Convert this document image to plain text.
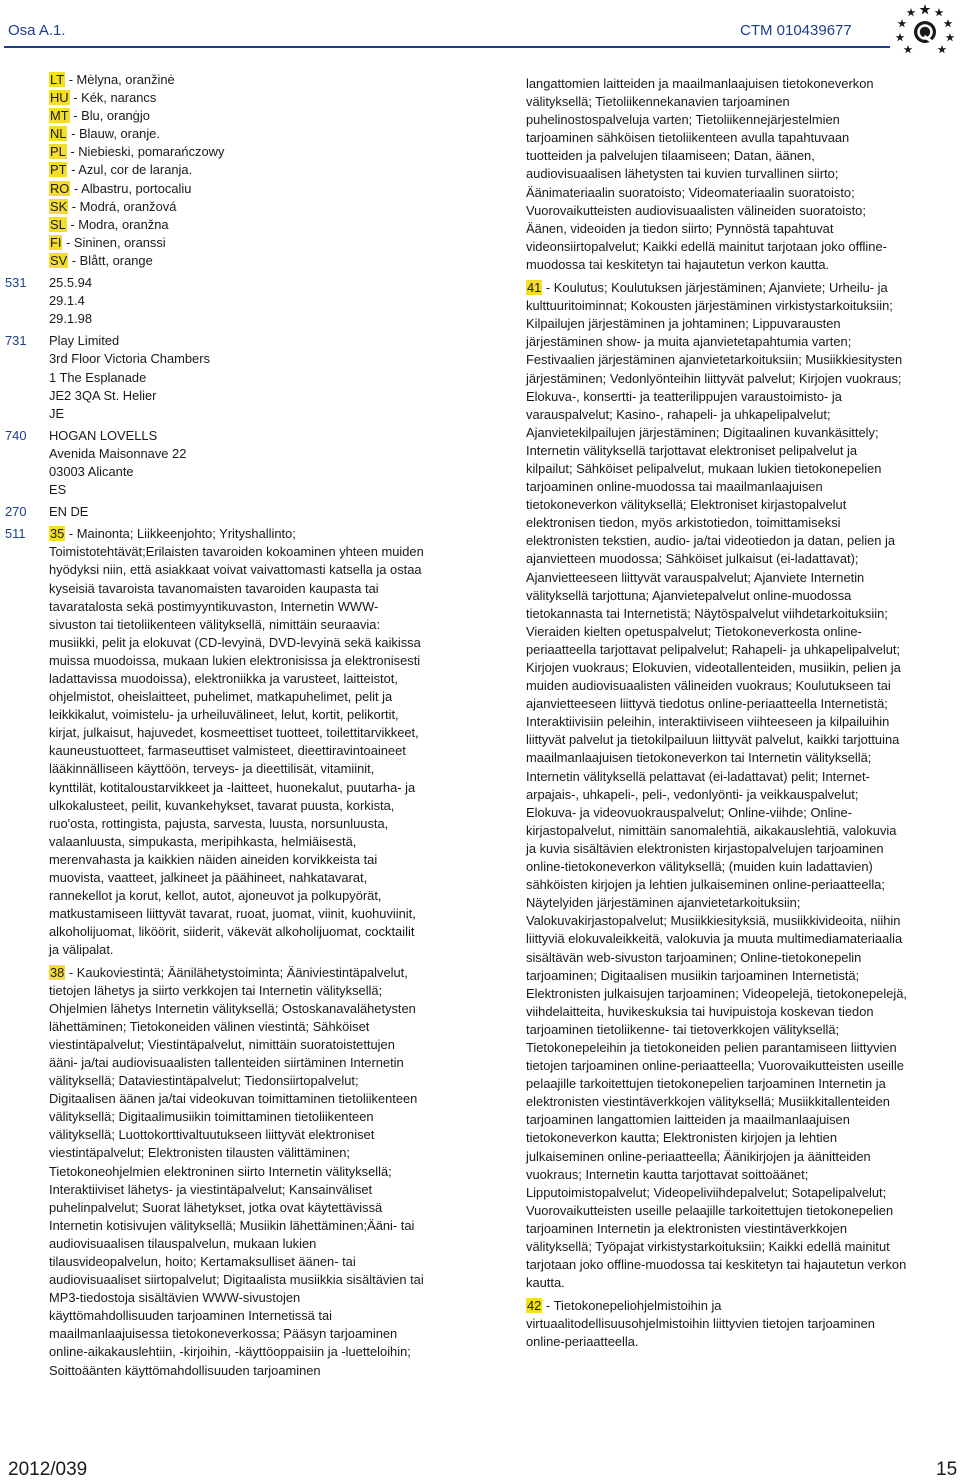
Osa A.1.	CTM 010439677
LT - Mėlyna, oranžinė
HU - Kék, narancs
MT - Blu, oranġjo
NL - Blauw, oranje.
PL - Niebieski, pomarańczowy
PT - Azul, cor de laranja.
RO - Albastru, portocaliu
SK - Modrá, oranžová
SL - Modra, oranžna
FI - Sininen, oranssi
SV - Blått, orange
531	25.5.94
29.1.4
29.1.98
731	Play Limited
3rd Floor Victoria Chambers
1 The Esplanade
JE2 3QA St. Helier
JE
740	HOGAN LOVELLS
Avenida Maisonnave 22
03003 Alicante
ES
270	EN DE
511	35 - Mainonta; Liikkeenjohto; Yrityshallinto; Toimistotehtävät;Erilaisten tavaroiden kokoaminen yhteen muiden hyödyksi niin, että asiakkaat voivat vaivattomasti katsella ja ostaa kyseisiä tavaroista tavanomaisten tavaroiden kaupasta tai tavaratalosta sekä postimyyntikuvaston, Internetin WWW-sivuston tai tietoliikenteen välityksellä, nimittäin seuraavia: musiikki, pelit ja elokuvat (CD-levyinä, DVD-levyinä sekä kaikissa muissa muodoissa, mukaan lukien elektronisissa ja elektronisesti ladattavissa muodoissa), elektroniikka ja varusteet, laitteistot, ohjelmistot, oheislaitteet, puhelimet, matkapuhelimet, pelit ja leikkikalut, voimistelu- ja urheiluvälineet, lelut, kortit, pelikortit, kirjat, julkaisut, hajuvedet, kosmeettiset tuotteet, toilettitarvikkeet, kauneustuotteet, farmaseuttiset valmisteet, dieettiravintoaineet lääkinnälliseen käyttöön, terveys- ja dieettilisät, vitamiinit, kynttilät, kotitaloustarvikkeet ja -laitteet, huonekalut, puutarha- ja ulkokalusteet, peilit, kuvankehykset, tavarat puusta, korkista, ruo'osta, rottingista, pajusta, sarvesta, luusta, norsunluusta, valaanluusta, simpukasta, meripihkasta, helmiäisestä, merenvahasta ja kaikkien näiden aineiden korvikkeista tai muovista, vaatteet, jalkineet ja päähineet, nahkatavarat, rannekellot ja korut, kellot, autot, ajoneuvot ja polkupyörät, matkustamiseen liittyvät tavarat, ruoat, juomat, viinit, kuohuviinit, alkoholijuomat, liköörit, siiderit, väkevät alkoholijuomat, cocktailit ja välipalat.

38 - Kaukoviestintä; Äänilähetystoiminta; Ääniviestintäpalvelut, tietojen lähetys ja siirto verkkojen tai Internetin välityksellä; Ohjelmien lähetys Internetin välityksellä; Ostoskanavalähetysten lähettäminen; Tietokoneiden välinen viestintä; Sähköiset viestintäpalvelut; Viestintäpalvelut, nimittäin suoratoistettujen ääni- ja/tai audiovisuaalisten tallenteiden siirtäminen Internetin välityksellä; Dataviestintäpalvelut; Tiedonsiirtopalvelut; Digitaalisen äänen ja/tai videokuvan toimittaminen tietoliikenteen välityksellä; Digitaalimusiikin toimittaminen tietoliikenteen välityksellä; Luottokorttivaltuutukseen liittyvät elektroniset viestintäpalvelut; Elektronisten tilausten välittäminen; Tietokoneohjelmien elektroninen siirto Internetin välityksellä; Interaktiiviset lähetys- ja viestintäpalvelut; Kansainväliset puhelinpalvelut; Suorat lähetykset, jotka ovat käytettävissä Internetin kotisivujen välityksellä; Musiikin lähettäminen;Ääni- tai audiovisuaalisen tilauspalvelun, mukaan lukien tilausvideopalvelun, hoito; Kertamaksulliset äänen- tai audiovisuaaliset siirtopalvelut; Digitaalista musiikkia sisältävien tai MP3-tiedostoja sisältävien WWW-sivustojen käyttömahdollisuuden tarjoaminen Internetissä tai maailmanlaajuisessa tietokoneverkossa; Pääsyn tarjoaminen online-aikakauslehtiin, -kirjoihin, -käyttöoppaisiin ja -luetteloihin; Soittoäänten käyttömahdollisuuden tarjoaminen

langattomien laitteiden ja maailmanlaajuisen tietokoneverkon välityksellä; Tietoliikennekanavien tarjoaminen puhelinostospalveluja varten; Tietoliikennejärjestelmien tarjoaminen sähköisen tietoliikenteen avulla tapahtuvaan tuotteiden ja palvelujen tilaamiseen; Datan, äänen, audiovisuaalisen lähetysten tai kuvien turvallinen siirto; Äänimateriaalin suoratoisto; Videomateriaalin suoratoisto; Vuorovaikutteisten audiovisuaalisten välineiden suoratoisto; Äänen, videoiden ja tiedon siirto; Pynnöstä tapahtuvat videonsiirtopalvelut; Kaikki edellä mainitut tarjotaan joko offline-muodossa tai keskitetyn tai hajautetun verkon kautta.

41 - Koulutus; Koulutuksen järjestäminen; Ajanviete; Urheilu- ja kulttuuritoiminnat; Kokousten järjestäminen virkistystarkoituksiin; Kilpailujen järjestäminen ja johtaminen; Lippuvarausten järjestäminen show- ja muita ajanvietetapahtumia varten; Festivaalien järjestäminen ajanvietetarkoituksiin; Musiikkiesitysten järjestäminen; Vedonlyönteihin liittyvät palvelut; Kirjojen vuokraus; Elokuva-, konsertti- ja teatterilippujen varaustoimisto- ja varauspalvelut; Kasino-, rahapeli- ja uhkapelipalvelut; Ajanvietekilpailujen järjestäminen; Digitaalinen kuvankäsittely; Internetin välityksellä tarjottavat elektroniset pelipalvelut ja kilpailut; Sähköiset pelipalvelut, mukaan lukien tietokonepelien tarjoaminen online-muodossa tai maailmanlaajuisen tietokoneverkon välityksellä; Elektroniset kirjastopalvelut elektronisen tiedon, myös arkistotiedon, toimittamiseksi elektronisten tekstien, audio- ja/tai videotiedon ja datan, pelien ja ajanvietteen muodossa; Sähköiset julkaisut (ei-ladattavat); Ajanvietteeseen liittyvät varauspalvelut; Ajanviete Internetin välityksellä tarjottuna; Ajanvietepalvelut online-muodossa tietokannasta tai Internetistä; Näytöspalvelut viihdetarkoituksiin; Vieraiden kielten opetuspalvelut; Tietokoneverkosta online-periaatteella tarjottavat pelipalvelut; Rahapeli- ja uhkapelipalvelut; Kirjojen vuokraus; Elokuvien, videotallenteiden, musiikin, pelien ja muiden audiovisuaalisten välineiden vuokraus; Koulutukseen tai ajanvietteeseen liittyvä tiedotus online-periaatteella Internetistä; Interaktiivisiin peleihin, interaktiiviseen viihteeseen ja kilpailuihin liittyvät palvelut ja tietokilpailuun liittyvät palvelut, kaikki tarjottuina maailmanlaajuisen tietokoneverkon tai Internetin välityksellä; Internetin välityksellä pelattavat (ei-ladattavat) pelit; Internet-arpajais-, uhkapeli-, peli-, vedonlyönti- ja veikkauspalvelut; Elokuva- ja videovuokrauspalvelut; Online-viihde; Online-kirjastopalvelut, nimittäin sanomalehtiä, aikakauslehtiä, valokuvia ja kuvia sisältävien elektronisten kirjastopalvelujen tarjoaminen online-tietokoneverkon välityksellä; (muiden kuin ladattavien) sähköisten kirjojen ja lehtien julkaiseminen online-periaatteella; Näytelyiden järjestäminen ajanvietetarkoituksiin; Valokuvakirjastopalvelut; Musiikkiesityksiä, musiikkivideoita, niihin liittyviä elokuvaleikkeitä, valokuvia ja muuta multimediamateriaalia sisältävän web-sivuston tarjoaminen; Online-tietokonepelin tarjoaminen; Digitaalisen musiikin tarjoaminen Internetistä; Elektronisten julkaisujen tarjoaminen; Videopelejä, tietokonepelejä, viihdelaitteita, huvikeskuksia tai huvipuistoja koskevan tiedon tarjoaminen tietoliikenne- tai tietoverkkojen välityksellä; Tietokonepeleihin ja tietokoneiden pelien parantamiseen liittyvien tietojen tarjoaminen online-periaatteella; Vuorovaikutteisten useille pelaajille tarkoitettujen tietokonepelien tarjoaminen Internetin ja elektronisten viestintäverkkojen välityksellä; Musiikkitallenteiden tarjoaminen langattomien laitteiden ja maailmanlaajuisen tietokoneverkon kautta; Elektronisten kirjojen ja lehtien julkaiseminen online-periaatteella; Äänikirjojen ja äänitteiden vuokraus; Internetin kautta tarjottavat soittoäänet; Lipputoimistopalvelut; Videopeliviihdepalvelut; Sotapelipalvelut; Vuorovaikutteisten useille pelaajille tarkoitettujen tietokonepelien tarjoaminen Internetin ja elektronisten viestintäverkkojen välityksellä; Työpajat virkistystarkoituksiin; Kaikki edellä mainitut tarjotaan joko offline-muodossa tai keskitetyn tai hajautetun verkon kautta.

42 - Tietokonepeliohjelmistoihin ja virtuaalitodellisuusohjelmistoihin liittyvien tietojen tarjoaminen online-periaatteella.

2012/039	15
